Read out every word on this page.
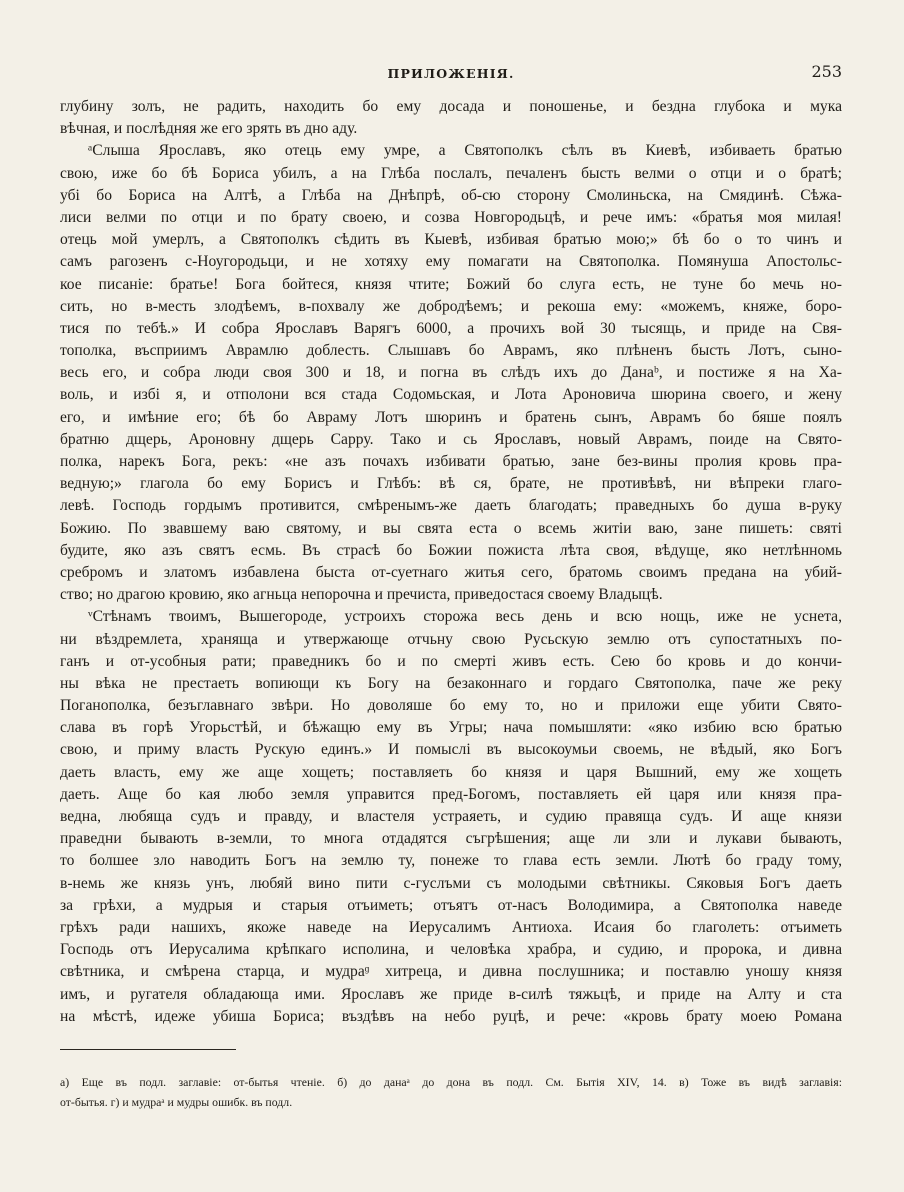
ПРИЛОЖЕНІЯ.	253
глубину золъ, не радить, находить бо ему досада и поношенье, и бездна глубока и мука
вѣчная, и послѣдняя же его зрять въ дно аду.
ᵃСлыша Ярославъ, яко отець ему умре, а Святополкъ сѣлъ въ Киевѣ, избиваеть братью
свою, иже бо бѣ Бориса убилъ, а на Глѣба послалъ, печаленъ бысть велми о отци и о братѣ;
убі бо Бориса на Алтѣ, а Глѣба на Днѣпрѣ, об-сю сторону Смолиньска, на Смядинѣ. Сѣжа-
лиси велми по отци и по брату своею, и созва Новгородьцѣ, и рече имъ: «братья моя милая!
отець мой умерлъ, а Святополкъ сѣдить въ Кыевѣ, избивая братью мою;» бѣ бо о то чинъ и
самъ рагозенъ с-Ноугородьци, и не хотяху ему помагати на Святополка. Помянуша Апостольс-
кое писаніе: братье! Бога бойтеся, князя чтите; Божий бо слуга есть, не туне бо мечь но-
сить, но в-месть злодѣемъ, в-похвалу же добродѣемъ; и рекоша ему: «можемъ, княже, боро-
тися по тебѣ.» И собра Ярославъ Варягъ 6000, а прочихъ вой 30 тысящь, и приде на Свя-
тополка, въсприимъ Аврамлю доблесть. Слышавъ бо Аврамъ, яко плѣненъ бысть Лотъ, сыно-
весь его, и собра люди своя 300 и 18, и погна въ слѣдъ ихъ до Данаᵇ, и постиже я на Ха-
воль, и избі я, и отполони вся стада Содомьская, и Лота Ароновича шюрина своего, и жену
его, и имѣние его; бѣ бо Авраму Лотъ шюринъ и братень сынъ, Аврамъ бо бяше поялъ
братню дщерь, Ароновну дщерь Сарру. Тако и сь Ярославъ, новый Аврамъ, поиде на Свято-
полка, нарекъ Бога, рекъ: «не азъ почахъ избивати братью, зане без-вины пролия кровь пра-
ведную;» глагола бо ему Борисъ и Глѣбъ: вѣ ся, брате, не противѣвѣ, ни вѣпреки глаго-
левѣ. Господь гордымъ противится, смѣренымъ-же даеть благодать; праведныхъ бо душа в-руку
Божию. По звавшему ваю святому, и вы свята еста о всемь житіи ваю, зане пишеть: святі
будите, яко азъ святъ есмь. Въ страсѣ бо Божии пожиста лѣта своя, вѣдуще, яко нетлѣнномь
сребромъ и златомъ избавлена быста от-суетнаго житья сего, братомь своимъ предана на убий-
ство; но драгою кровию, яко агньца непорочна и пречиста, приведостася своему Владыцѣ.
ᵛСтѣнамъ твоимъ, Вышегороде, устроихъ сторожа весь день и всю нощь, иже не уснета,
ни вѣздремлета, храняща и утвержающе отчьну свою Русьскую землю отъ супостатныхъ по-
ганъ и от-усобныя рати; праведникъ бо и по смерті живъ есть. Сею бо кровь и до кончи-
ны вѣка не престаеть вопиющи къ Богу на безаконнаго и гордаго Святополка, паче же реку
Поганополка, безъглавнаго звѣри. Но доволяше бо ему то, но и приложи еще убити Свято-
слава въ горѣ Угорьстѣй, и бѣжащю ему въ Угры; нача помышляти: «яко избию всю братью
свою, и приму власть Рускую единъ.» И помыслі въ высокоумьи своемь, не вѣдый, яко Богъ
даеть власть, ему же аще хощеть; поставляеть бо князя и царя Вышний, ему же хощеть
даеть. Аще бо кая любо земля управится пред-Богомъ, поставляеть ей царя или князя пра-
ведна, любяща судъ и правду, и властеля устраяеть, и судию правяща судъ. И аще князи
праведни бывають в-земли, то многа отдадятся съгрѣшения; аще ли зли и лукави бывають,
то болшее зло наводить Богъ на землю ту, понеже то глава есть земли. Лютѣ бо граду тому,
в-немь же князь унъ, любяй вино пити с-гуслъми съ молодыми свѣтникы. Сяковыя Богъ даеть
за грѣхи, а мудрыя и старыя отъиметь; отъятъ от-насъ Володимира, а Святополка наведе
грѣхъ ради нашихъ, якоже наведе на Иерусалимъ Антиоха. Исаия бо глаголеть: отъиметь
Господь отъ Иерусалима крѣпкаго исполина, и человѣка храбра, и судию, и пророка, и дивна
свѣтника, и смѣрена старца, и мудраᶢ хитреца, и дивна послушника; и поставлю уношу князя
имъ, и ругателя обладающа ими. Ярославъ же приде в-силѣ тяжьцѣ, и приде на Алту и ста
на мѣстѣ, идеже убиша Бориса; въздѣвъ на небо руцѣ, и рече: «кровь брату моею Романа
а) Еще въ подл. заглавіе: от-бытья чтеніе. б) до данаᵃ до дона въ подл. См. Бытія XIV, 14. в) Тоже въ видѣ заглавія:
от-бытья. г) и мудраᵃ и мудры ошибк. въ подл.
